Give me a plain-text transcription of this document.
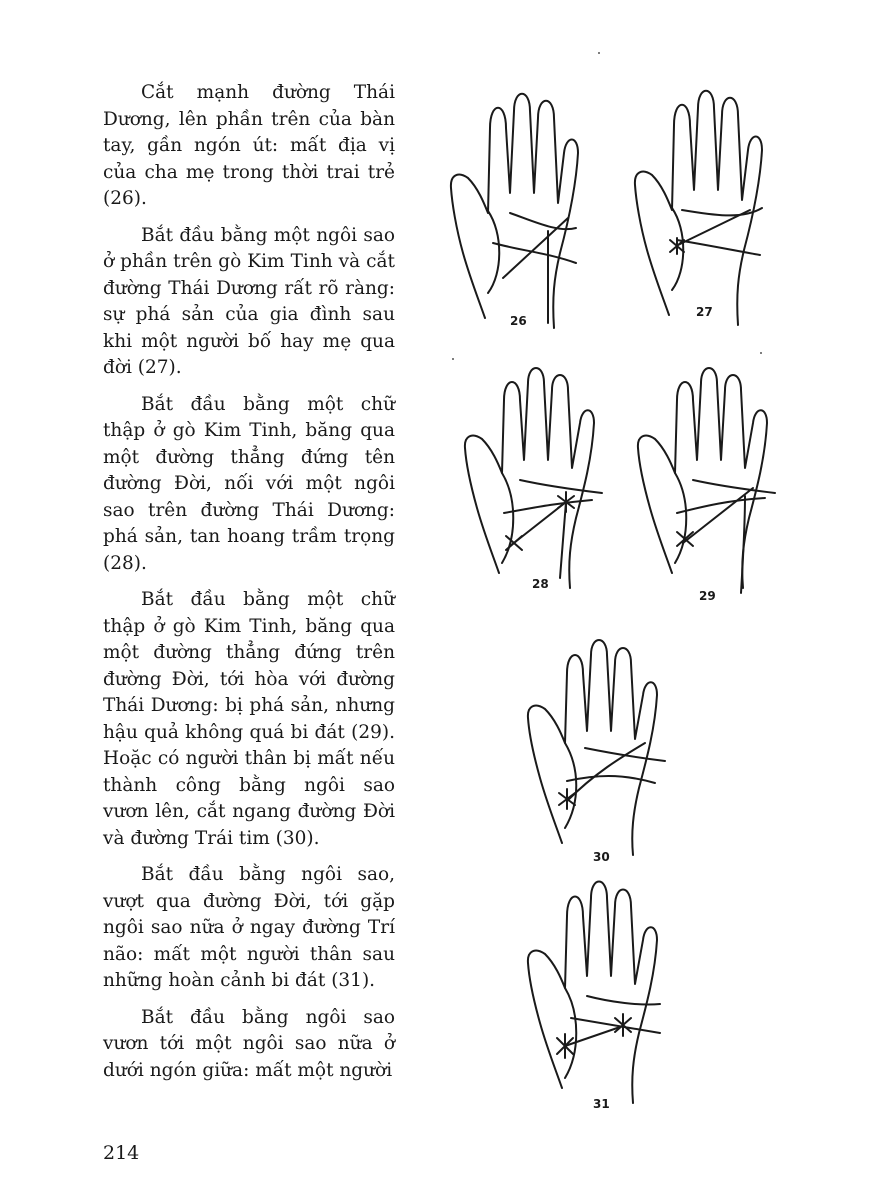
Cắt mạnh đường Thái Dương, lên phần trên của bàn tay, gần ngón út: mất địa vị của cha mẹ trong thời trai trẻ (26).

Bắt đầu bằng một ngôi sao ở phần trên gò Kim Tinh và cắt đường Thái Dương rất rõ ràng: sự phá sản của gia đình sau khi một người bố hay mẹ qua đời (27).

Bắt đầu bằng một chữ thập ở gò Kim Tinh, băng qua một đường thẳng đứng tên đường Đời, nối với một ngôi sao trên đường Thái Dương: phá sản, tan hoang trầm trọng (28).

Bắt đầu bằng một chữ thập ở gò Kim Tinh, băng qua một đường thẳng đứng trên đường Đời, tới hòa với đường Thái Dương: bị phá sản, nhưng hậu quả không quá bi đát (29). Hoặc có người thân bị mất nếu thành công bằng ngôi sao vươn lên, cắt ngang đường Đời và đường Trái tim (30).

Bắt đầu bằng ngôi sao, vượt qua đường Đời, tới gặp ngôi sao nữa ở ngay đường Trí não: mất một người thân sau những hoàn cảnh bi đát (31).

Bắt đầu bằng ngôi sao vươn tới một ngôi sao nữa ở dưới ngón giữa: mất một người

214
26
27
28
29
30
31
